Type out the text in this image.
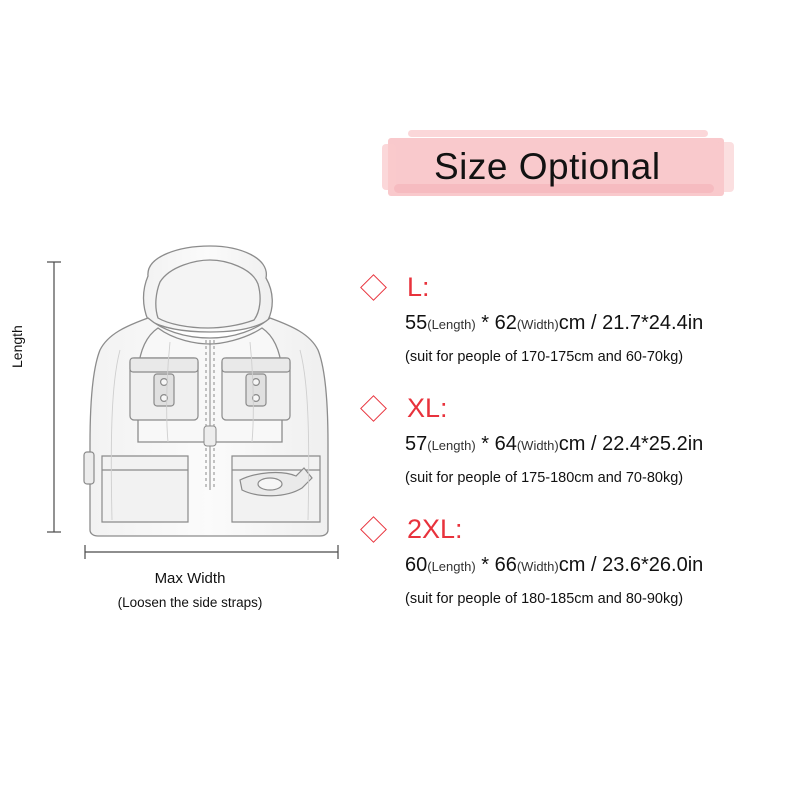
Size Optional
Length
Max Width
(Loosen the side straps)
L:
55(Length) * 62(Width)cm / 21.7*24.4in
(suit for people of 170-175cm and 60-70kg)
XL:
57(Length) * 64(Width)cm / 22.4*25.2in
(suit for people of 175-180cm and 70-80kg)
2XL:
60(Length) * 66(Width)cm / 23.6*26.0in
(suit for people of 180-185cm and 80-90kg)
